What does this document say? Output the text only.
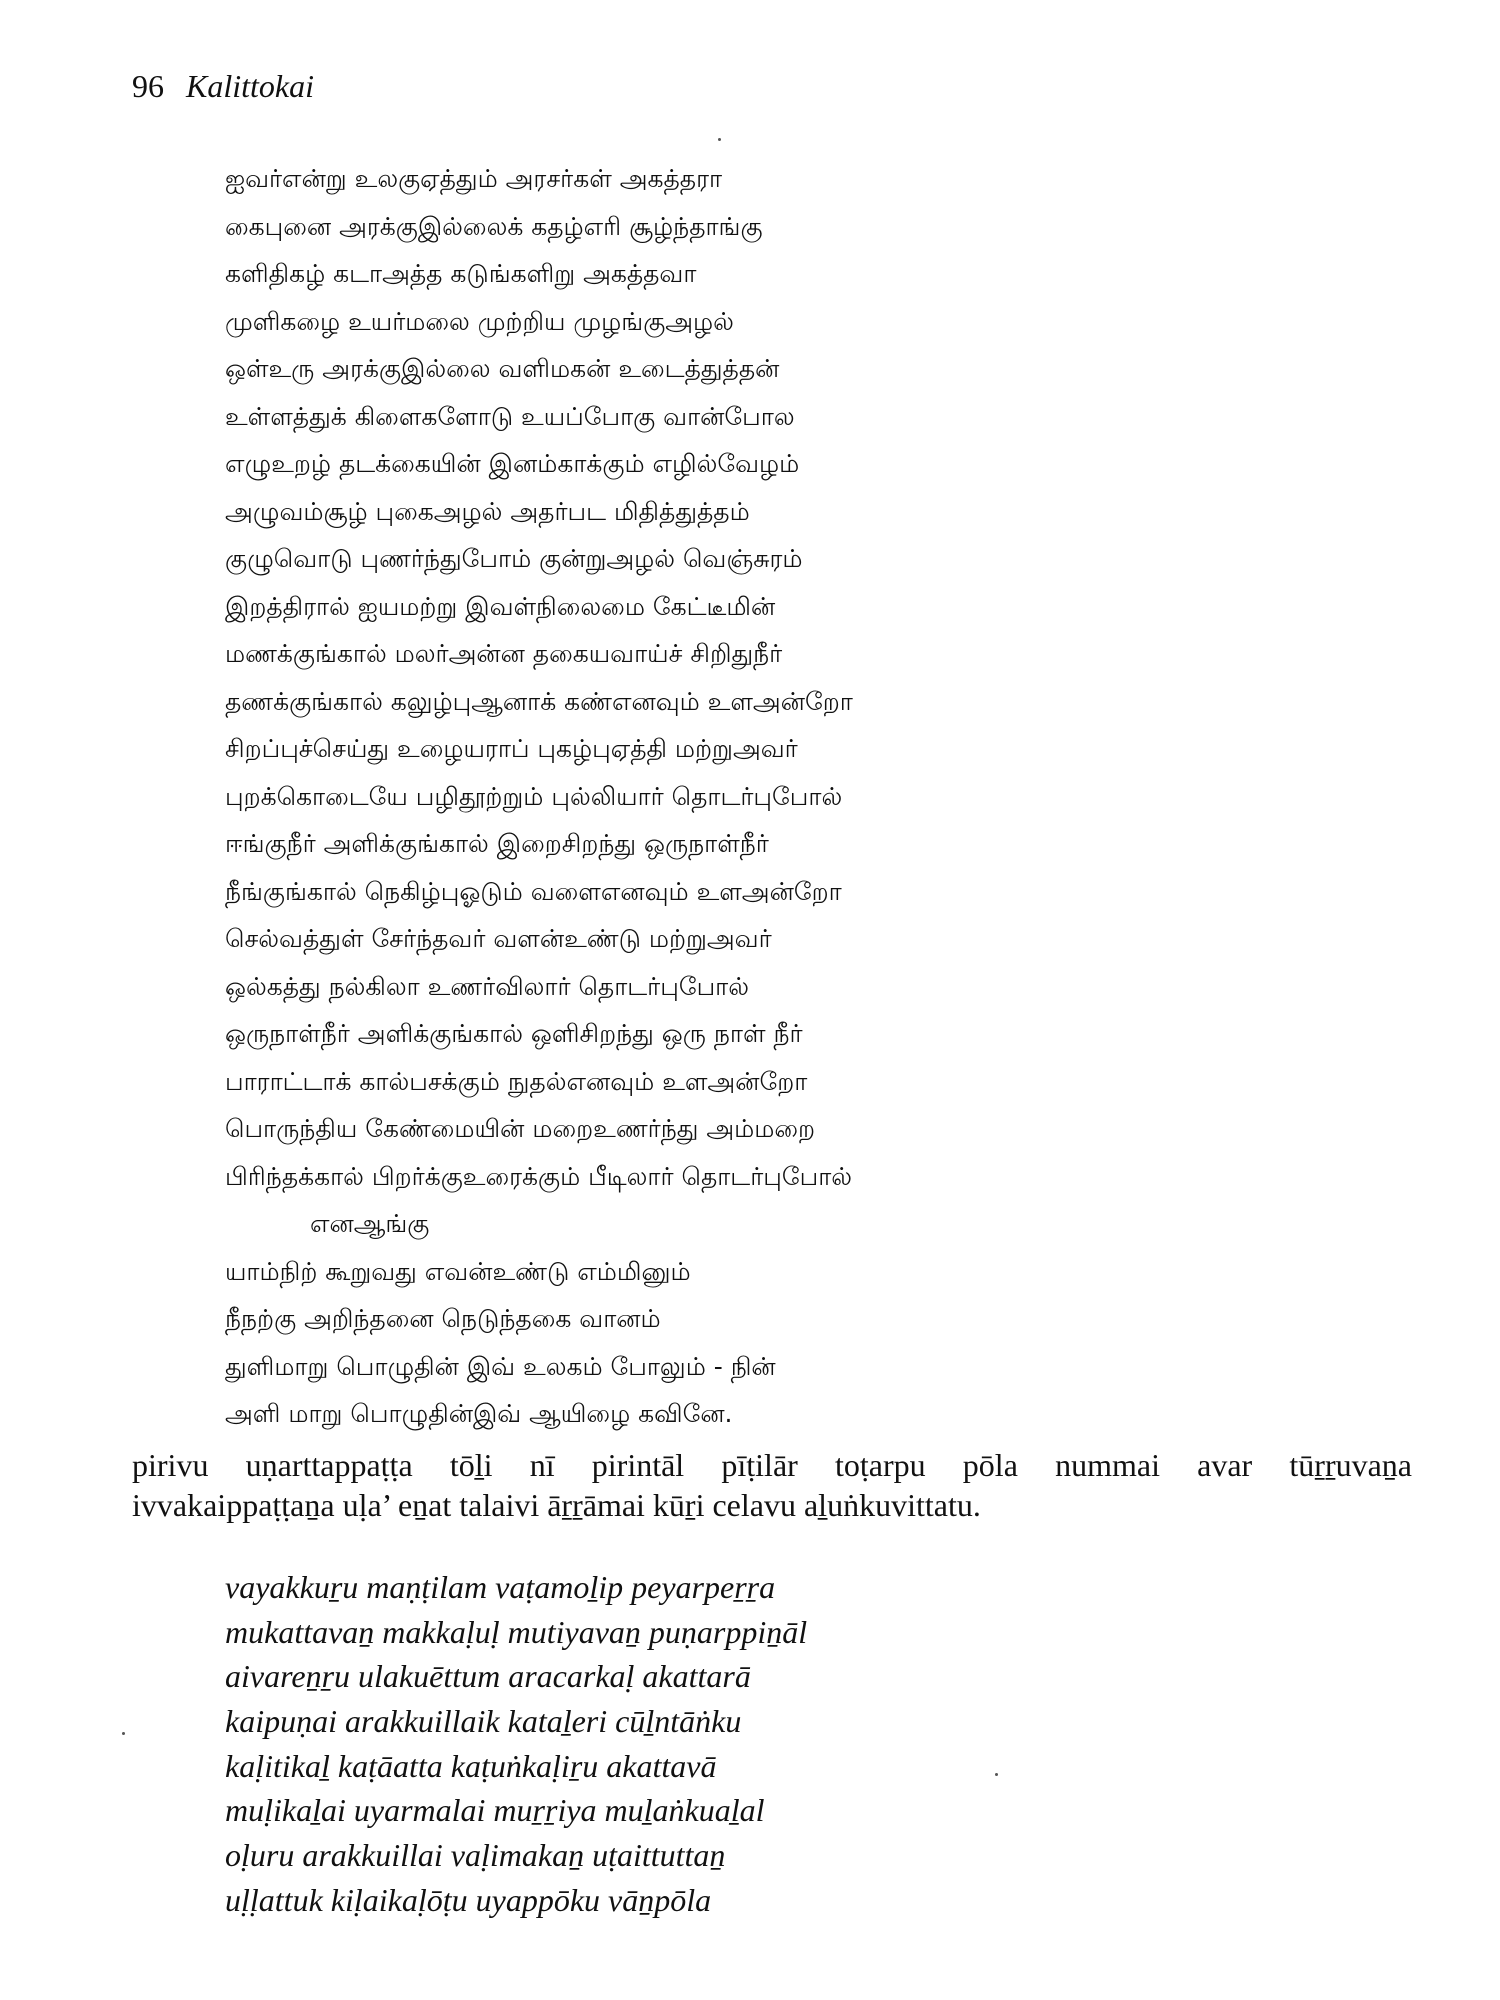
96 Kalittokai
ஐவர்என்று உலகுஏத்தும் அரசர்கள் அகத்தரா
கைபுனை அரக்குஇல்லைக் கதழ்எரி சூழ்ந்தாங்கு
களிதிகழ் கடாஅத்த கடுங்களிறு அகத்தவா
முளிகழை உயர்மலை முற்றிய முழங்குஅழல்
ஒள்உரு அரக்குஇல்லை வளிமகன் உடைத்துத்தன்
உள்ளத்துக் கிளைகளோடு உயப்போகு வான்போல
எழுஉறழ் தடக்கையின் இனம்காக்கும் எழில்வேழம்
அழுவம்சூழ் புகைஅழல் அதர்பட மிதித்துத்தம்
குழுவொடு புணர்ந்துபோம் குன்றுஅழல் வெஞ்சுரம்
இறத்திரால் ஐயமற்று இவள்நிலைமை கேட்டீமின்
மணக்குங்கால் மலர்அன்ன தகையவாய்ச் சிறிதுநீர்
தணக்குங்கால் கலுழ்புஆனாக் கண்எனவும் உளஅன்றோ
சிறப்புச்செய்து உழையராப் புகழ்புஏத்தி மற்றுஅவர்
புறக்கொடையே பழிதூற்றும் புல்லியார் தொடர்புபோல்
ஈங்குநீர் அளிக்குங்கால் இறைசிறந்து ஒருநாள்நீர்
நீங்குங்கால் நெகிழ்புஓடும் வளைஎனவும் உளஅன்றோ
செல்வத்துள் சேர்ந்தவர் வளன்உண்டு மற்றுஅவர்
ஒல்கத்து நல்கிலா உணர்விலார் தொடர்புபோல்
ஒருநாள்நீர் அளிக்குங்கால் ஒளிசிறந்து ஒரு நாள் நீர்
பாராட்டாக் கால்பசக்கும் நுதல்எனவும் உளஅன்றோ
பொருந்திய கேண்மையின் மறைஉணர்ந்து அம்மறை
பிரிந்தக்கால் பிறர்க்குஉரைக்கும் பீடிலார் தொடர்புபோல்
எனஆங்கு
யாம்நிற் கூறுவது எவன்உண்டு எம்மினும்
நீநற்கு அறிந்தனை நெடுந்தகை வானம்
துளிமாறு பொழுதின் இவ் உலகம் போலும் - நின்
அளி மாறு பொழுதின்இவ் ஆயிழை கவினே.
pirivu uṇarttappaṭṭa tōḻi nī pirintāl pīṭilār toṭarpu pōla nummai avar tūṟṟuvaṉa
ivvakaippaṭṭaṉa uḷa’ eṉat talaivi āṟṟāmai kūṟi celavu aḻuṅkuvittatu.
vayakkuṟu maṇṭilam vaṭamoḻip peyarpeṟṟa
mukattavaṉ makkaḷuḷ mutiyavaṉ puṇarppiṉāl
aivareṉṟu ulakuēttum aracarkaḷ akattarā
kaipuṇai arakkuillaik kataḻeri cūḻntāṅku
kaḷitikaḻ kaṭāatta kaṭuṅkaḷiṟu akattavā
muḷikaḻai uyarmalai muṟṟiya muḻaṅkuaḻal
oḷuru arakkuillai vaḷimakaṉ uṭaittuttaṉ
uḷḷattuk kiḷaikaḷōṭu uyappōku vāṉpōla
